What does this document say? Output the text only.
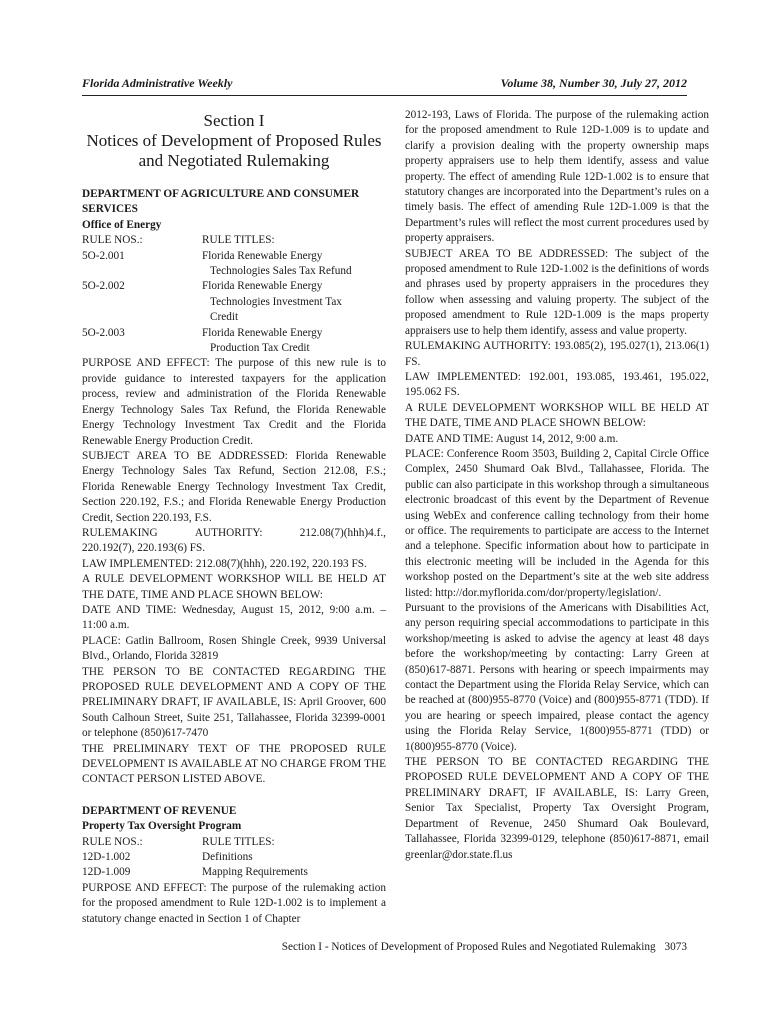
Florida Administrative Weekly	Volume 38, Number 30, July 27, 2012
Section I
Notices of Development of Proposed Rules
and Negotiated Rulemaking
DEPARTMENT OF AGRICULTURE AND CONSUMER
SERVICES
Office of Energy
RULE NOS.:	RULE TITLES:
5O-2.001	Florida Renewable Energy
Technologies Sales Tax Refund
5O-2.002	Florida Renewable Energy
Technologies Investment Tax
Credit
5O-2.003	Florida Renewable Energy
Production Tax Credit

PURPOSE AND EFFECT: The purpose of this new rule is to provide guidance to interested taxpayers for the application process, review and administration of the Florida Renewable Energy Technology Sales Tax Refund, the Florida Renewable Energy Technology Investment Tax Credit and the Florida Renewable Energy Production Credit.

SUBJECT AREA TO BE ADDRESSED: Florida Renewable Energy Technology Sales Tax Refund, Section 212.08, F.S.; Florida Renewable Energy Technology Investment Tax Credit, Section 220.192, F.S.; and Florida Renewable Energy Production Credit, Section 220.193, F.S.

RULEMAKING	AUTHORITY:	212.08(7)(hhh)4.f.,

220.192(7), 220.193(6) FS.

LAW IMPLEMENTED: 212.08(7)(hhh), 220.192, 220.193 FS.

A RULE DEVELOPMENT WORKSHOP WILL BE HELD AT THE DATE, TIME AND PLACE SHOWN BELOW:

DATE AND TIME: Wednesday, August 15, 2012, 9:00 a.m. – 11:00 a.m.

PLACE: Gatlin Ballroom, Rosen Shingle Creek, 9939 Universal Blvd., Orlando, Florida 32819

THE PERSON TO BE CONTACTED REGARDING THE PROPOSED RULE DEVELOPMENT AND A COPY OF THE PRELIMINARY DRAFT, IF AVAILABLE, IS: April Groover, 600 South Calhoun Street, Suite 251, Tallahassee, Florida 32399-0001 or telephone (850)617-7470

THE PRELIMINARY TEXT OF THE PROPOSED RULE DEVELOPMENT IS AVAILABLE AT NO CHARGE FROM THE CONTACT PERSON LISTED ABOVE.

DEPARTMENT OF REVENUE
Property Tax Oversight Program
RULE NOS.:	RULE TITLES:
12D-1.002	Definitions
12D-1.009	Mapping Requirements

PURPOSE AND EFFECT: The purpose of the rulemaking action for the proposed amendment to Rule 12D-1.002 is to implement a statutory change enacted in Section 1 of Chapter

2012-193, Laws of Florida. The purpose of the rulemaking action for the proposed amendment to Rule 12D-1.009 is to update and clarify a provision dealing with the property ownership maps property appraisers use to help them identify, assess and value property. The effect of amending Rule 12D-1.002 is to ensure that statutory changes are incorporated into the Department’s rules on a timely basis. The effect of amending Rule 12D-1.009 is that the Department’s rules will reflect the most current procedures used by property appraisers.

SUBJECT AREA TO BE ADDRESSED: The subject of the proposed amendment to Rule 12D-1.002 is the definitions of words and phrases used by property appraisers in the procedures they follow when assessing and valuing property. The subject of the proposed amendment to Rule 12D-1.009 is the maps property appraisers use to help them identify, assess and value property.

RULEMAKING AUTHORITY: 193.085(2), 195.027(1), 213.06(1) FS.

LAW IMPLEMENTED: 192.001, 193.085, 193.461, 195.022, 195.062 FS.

A RULE DEVELOPMENT WORKSHOP WILL BE HELD AT THE DATE, TIME AND PLACE SHOWN BELOW:

DATE AND TIME: August 14, 2012, 9:00 a.m.

PLACE: Conference Room 3503, Building 2, Capital Circle Office Complex, 2450 Shumard Oak Blvd., Tallahassee, Florida. The public can also participate in this workshop through a simultaneous electronic broadcast of this event by the Department of Revenue using WebEx and conference calling technology from their home or office. The requirements to participate are access to the Internet and a telephone. Specific information about how to participate in this electronic meeting will be included in the Agenda for this workshop posted on the Department’s site at the web site address listed: http://dor.myflorida.com/dor/property/legislation/.

Pursuant to the provisions of the Americans with Disabilities Act, any person requiring special accommodations to participate in this workshop/meeting is asked to advise the agency at least 48 days before the workshop/meeting by contacting: Larry Green at (850)617-8871. Persons with hearing or speech impairments may contact the Department using the Florida Relay Service, which can be reached at (800)955-8770 (Voice) and (800)955-8771 (TDD). If you are hearing or speech impaired, please contact the agency using the Florida Relay Service, 1(800)955-8771 (TDD) or 1(800)955-8770 (Voice).

THE PERSON TO BE CONTACTED REGARDING THE PROPOSED RULE DEVELOPMENT AND A COPY OF THE PRELIMINARY DRAFT, IF AVAILABLE, IS: Larry Green, Senior Tax Specialist, Property Tax Oversight Program, Department of Revenue, 2450 Shumard Oak Boulevard, Tallahassee, Florida 32399-0129, telephone (850)617-8871, email greenlar@dor.state.fl.us

Section I - Notices of Development of Proposed Rules and Negotiated Rulemaking 3073
